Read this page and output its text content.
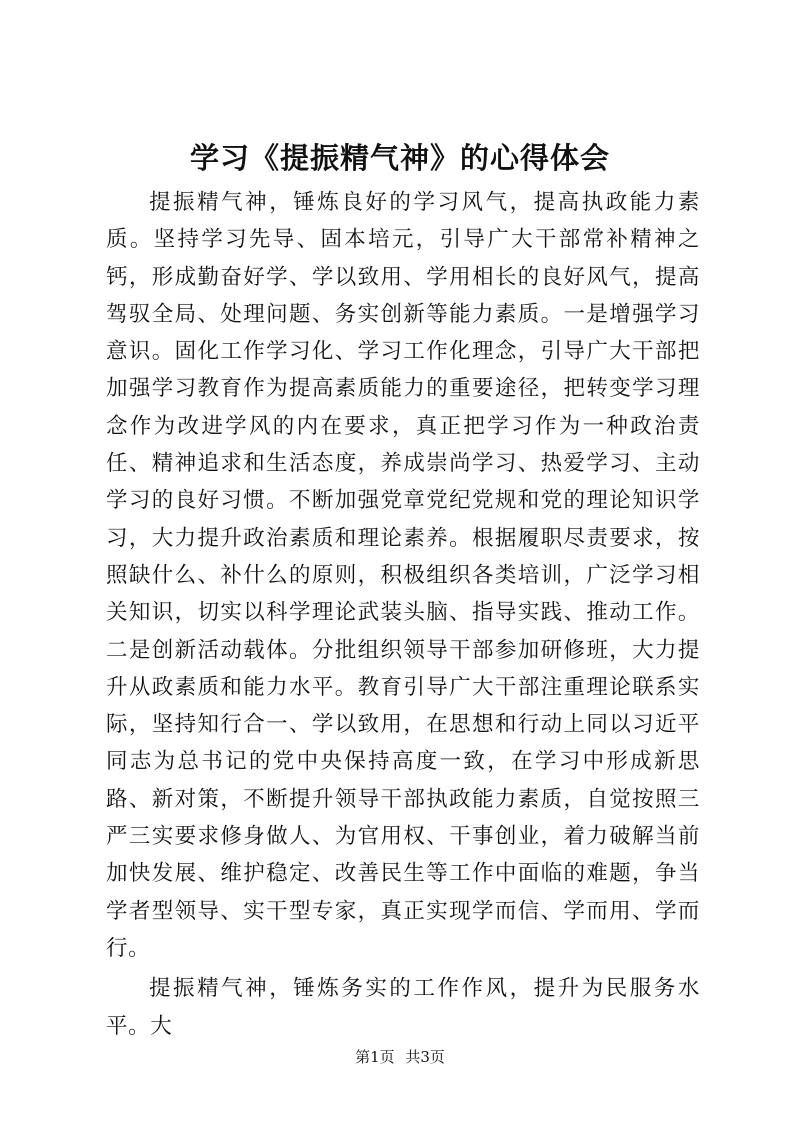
学习《提振精气神》的心得体会

提振精气神，锤炼良好的学习风气，提高执政能力素质。坚持学习先导、固本培元，引导广大干部常补精神之钙，形成勤奋好学、学以致用、学用相长的良好风气，提高驾驭全局、处理问题、务实创新等能力素质。一是增强学习意识。固化工作学习化、学习工作化理念，引导广大干部把加强学习教育作为提高素质能力的重要途径，把转变学习理念作为改进学风的内在要求，真正把学习作为一种政治责任、精神追求和生活态度，养成崇尚学习、热爱学习、主动学习的良好习惯。不断加强党章党纪党规和党的理论知识学习，大力提升政治素质和理论素养。根据履职尽责要求，按照缺什么、补什么的原则，积极组织各类培训，广泛学习相关知识，切实以科学理论武装头脑、指导实践、推动工作。二是创新活动载体。分批组织领导干部参加研修班，大力提升从政素质和能力水平。教育引导广大干部注重理论联系实际，坚持知行合一、学以致用，在思想和行动上同以习近平同志为总书记的党中央保持高度一致，在学习中形成新思路、新对策，不断提升领导干部执政能力素质，自觉按照三严三实要求修身做人、为官用权、干事创业，着力破解当前加快发展、维护稳定、改善民生等工作中面临的难题，争当学者型领导、实干型专家，真正实现学而信、学而用、学而行。

提振精气神，锤炼务实的工作作风，提升为民服务水平。大

第1页 共3页
